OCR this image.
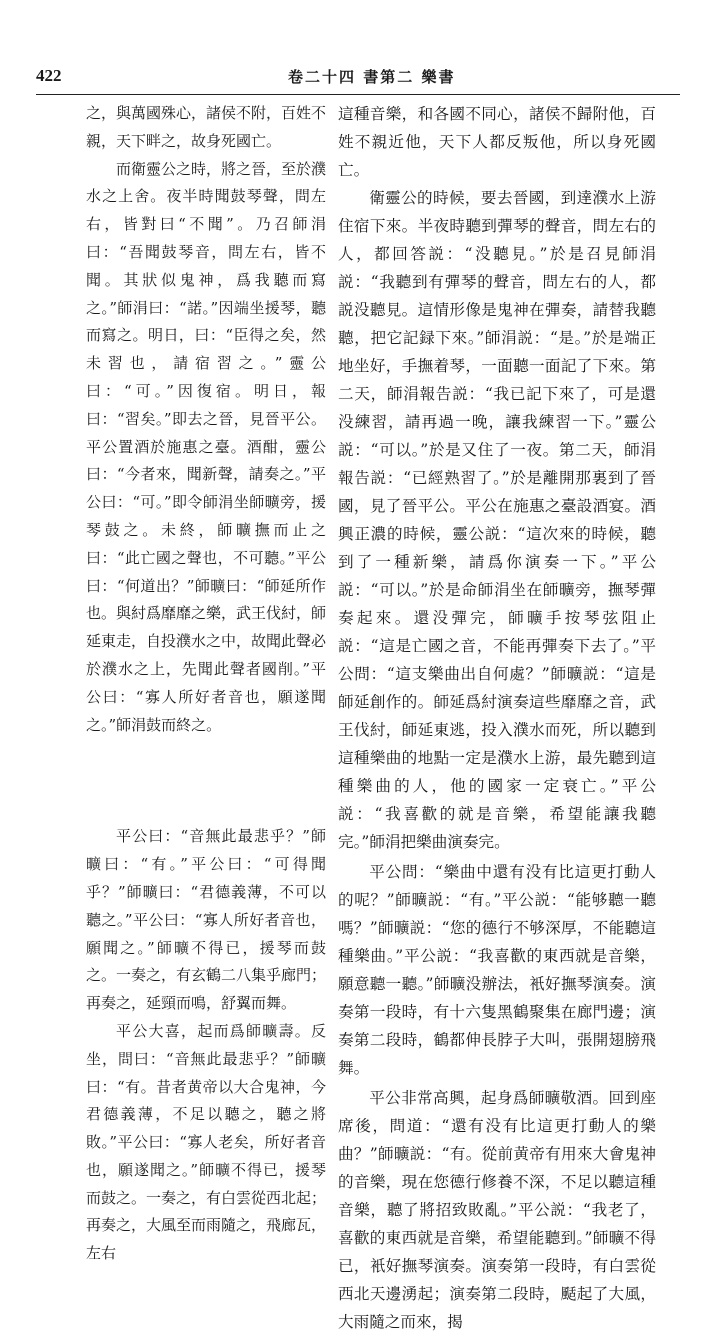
422	卷二十四 書第二 樂書

之，與萬國殊心，諸侯不附，百姓不親，天下畔之，故身死國亡。

而衛靈公之時，將之晉，至於濮水之上舍。夜半時聞鼓琴聲，問左右，皆對曰“不聞”。乃召師涓曰：“吾聞鼓琴音，問左右，皆不聞。其狀似鬼神，爲我聽而寫之。”師涓曰：“諾。”因端坐援琴，聽而寫之。明日，曰：“臣得之矣，然未習也，請宿習之。”靈公曰：“可。”因復宿。明日，報曰：“習矣。”即去之晉，見晉平公。平公置酒於施惠之臺。酒酣，靈公曰：“今者來，聞新聲，請奏之。”平公曰：“可。”即令師涓坐師曠旁，援琴鼓之。未終，師曠撫而止之曰：“此亡國之聲也，不可聽。”平公曰：“何道出？”師曠曰：“師延所作也。與紂爲靡靡之樂，武王伐紂，師延東走，自投濮水之中，故聞此聲必於濮水之上，先聞此聲者國削。”平公曰：“寡人所好者音也，願遂聞之。”師涓鼓而終之。

平公曰：“音無此最悲乎？”師曠曰：“有。”平公曰：“可得聞乎？”師曠曰：“君德義薄，不可以聽之。”平公曰：“寡人所好者音也，願聞之。”師曠不得已，援琴而鼓之。一奏之，有玄鶴二八集乎廊門；再奏之，延頸而鳴，舒翼而舞。

平公大喜，起而爲師曠壽。反坐，問曰：“音無此最悲乎？”師曠曰：“有。昔者黄帝以大合鬼神，今君德義薄，不足以聽之，聽之將敗。”平公曰：“寡人老矣，所好者音也，願遂聞之。”師曠不得已，援琴而鼓之。一奏之，有白雲從西北起；再奏之，大風至而雨隨之，飛廊瓦，左右

這種音樂，和各國不同心，諸侯不歸附他，百姓不親近他，天下人都反叛他，所以身死國亡。

衛靈公的時候，要去晉國，到達濮水上游住宿下來。半夜時聽到彈琴的聲音，問左右的人，都回答説：“没聽見。”於是召見師涓説：“我聽到有彈琴的聲音，問左右的人，都説没聽見。這情形像是鬼神在彈奏，請替我聽聽，把它記録下來。”師涓説：“是。”於是端正地坐好，手撫着琴，一面聽一面記了下來。第二天，師涓報告説：“我已記下來了，可是還没練習，請再過一晚，讓我練習一下。”靈公説：“可以。”於是又住了一夜。第二天，師涓報告説：“已經熟習了。”於是離開那裏到了晉國，見了晉平公。平公在施惠之臺設酒宴。酒興正濃的時候，靈公説：“這次來的時候，聽到了一種新樂，請爲你演奏一下。”平公説：“可以。”於是命師涓坐在師曠旁，撫琴彈奏起來。還没彈完，師曠手按琴弦阻止説：“這是亡國之音，不能再彈奏下去了。”平公問：“這支樂曲出自何處？”師曠説：“這是師延創作的。師延爲紂演奏這些靡靡之音，武王伐紂，師延東逃，投入濮水而死，所以聽到這種樂曲的地點一定是濮水上游，最先聽到這種樂曲的人，他的國家一定衰亡。”平公説：“我喜歡的就是音樂，希望能讓我聽完。”師涓把樂曲演奏完。

平公問：“樂曲中還有没有比這更打動人的呢？”師曠説：“有。”平公説：“能够聽一聽嗎？”師曠説：“您的德行不够深厚，不能聽這種樂曲。”平公説：“我喜歡的東西就是音樂，願意聽一聽。”師曠没辦法，衹好撫琴演奏。演奏第一段時，有十六隻黑鶴聚集在廊門邊；演奏第二段時，鶴都伸長脖子大叫，張開翅膀飛舞。

平公非常高興，起身爲師曠敬酒。回到座席後，問道：“還有没有比這更打動人的樂曲？”師曠説：“有。從前黄帝有用來大會鬼神的音樂，現在您德行修養不深，不足以聽這種音樂，聽了將招致敗亂。”平公説：“我老了，喜歡的東西就是音樂，希望能聽到。”師曠不得已，衹好撫琴演奏。演奏第一段時，有白雲從西北天邊湧起；演奏第二段時，颳起了大風，大雨隨之而來，揭
